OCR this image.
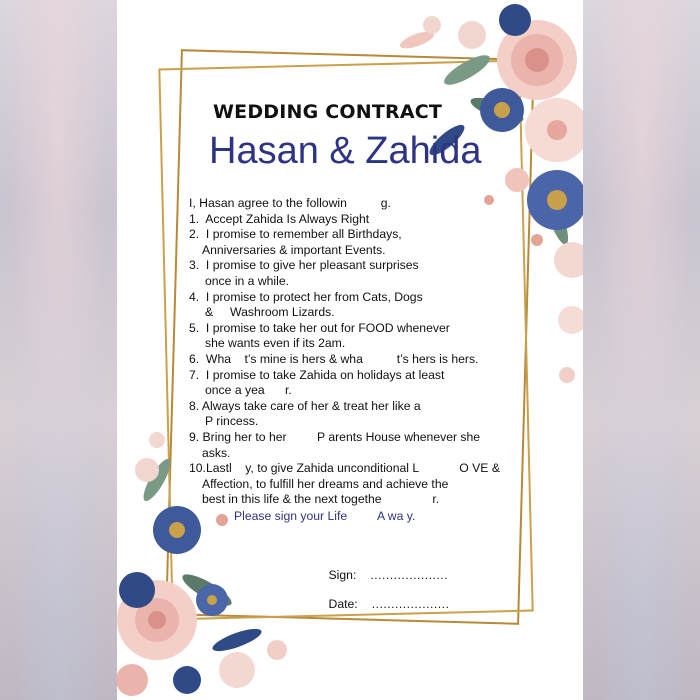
WEDDING CONTRACT
Hasan & Zahida
I, Hasan agree to the followin          g.
1.  Accept Zahida Is Always Right
2.  I promise to remember all Birthdays,
Anniversaries & important Events.
3.  I promise to give her pleasant surprises
once in a while.
4.  I promise to protect her from Cats, Dogs
&     Washroom Lizards.
5.  I promise to take her out for FOOD whenever
she wants even if its 2am.
6.  Wha    t’s mine is hers & wha          t’s hers is hers.
7.  I promise to take Zahida on holidays at least
once a yea      r.
8. Always take care of her & treat her like a
P rincess.
9. Bring her to her         P arents House whenever she
asks.
10.Lastl    y, to give Zahida unconditional L            O VE &
Affection, to fulfill her dreams and achieve the
best in this life & the next togethe               r.
Please sign your Life         A wa y.

Sign: ....................

Date: ....................
